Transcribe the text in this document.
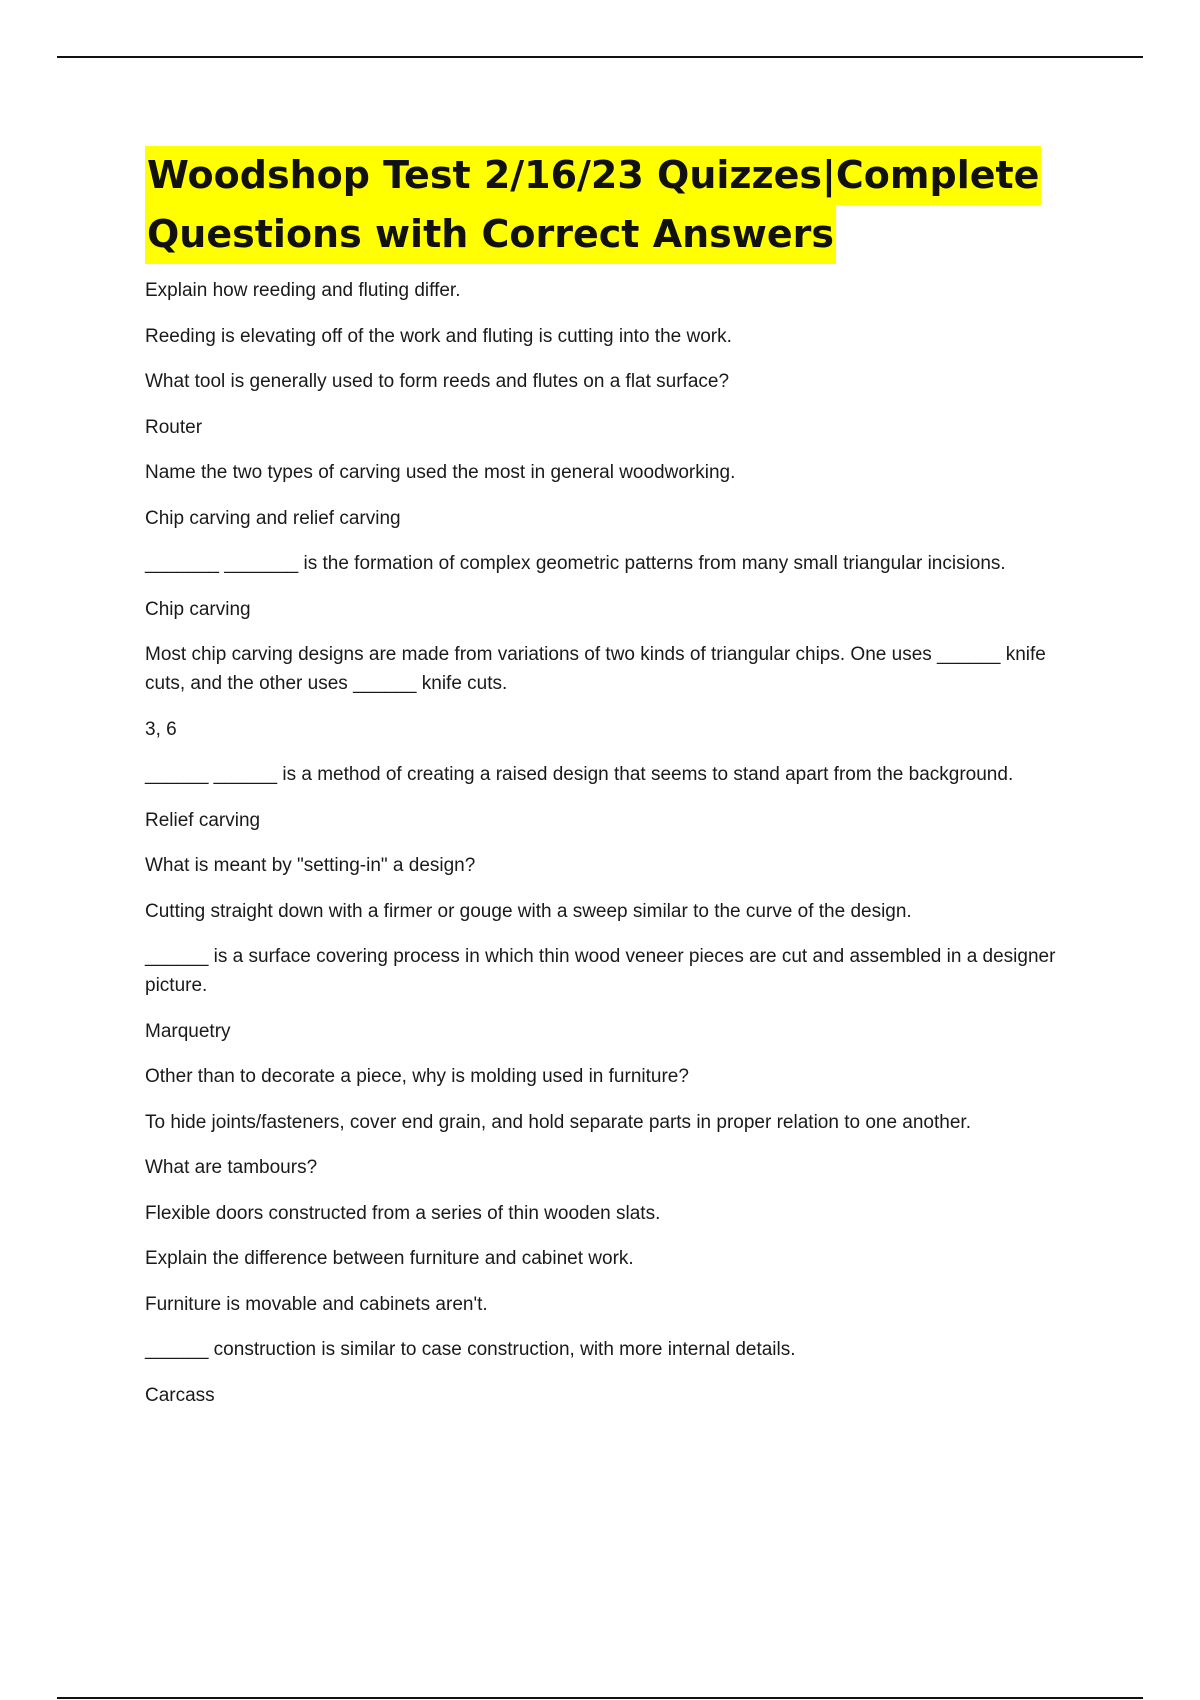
Woodshop Test 2/16/23 Quizzes|Complete
Questions with Correct Answers

Explain how reeding and fluting differ.

Reeding is elevating off of the work and fluting is cutting into the work.

What tool is generally used to form reeds and flutes on a flat surface?

Router

Name the two types of carving used the most in general woodworking.

Chip carving and relief carving

_______ _______ is the formation of complex geometric patterns from many small triangular incisions.

Chip carving

Most chip carving designs are made from variations of two kinds of triangular chips. One uses ______ knife cuts, and the other uses ______ knife cuts.

3, 6

______ ______ is a method of creating a raised design that seems to stand apart from the background.

Relief carving

What is meant by "setting-in" a design?

Cutting straight down with a firmer or gouge with a sweep similar to the curve of the design.

______ is a surface covering process in which thin wood veneer pieces are cut and assembled in a designer picture.

Marquetry

Other than to decorate a piece, why is molding used in furniture?

To hide joints/fasteners, cover end grain, and hold separate parts in proper relation to one another.

What are tambours?

Flexible doors constructed from a series of thin wooden slats.

Explain the difference between furniture and cabinet work.

Furniture is movable and cabinets aren't.

______ construction is similar to case construction, with more internal details.

Carcass
